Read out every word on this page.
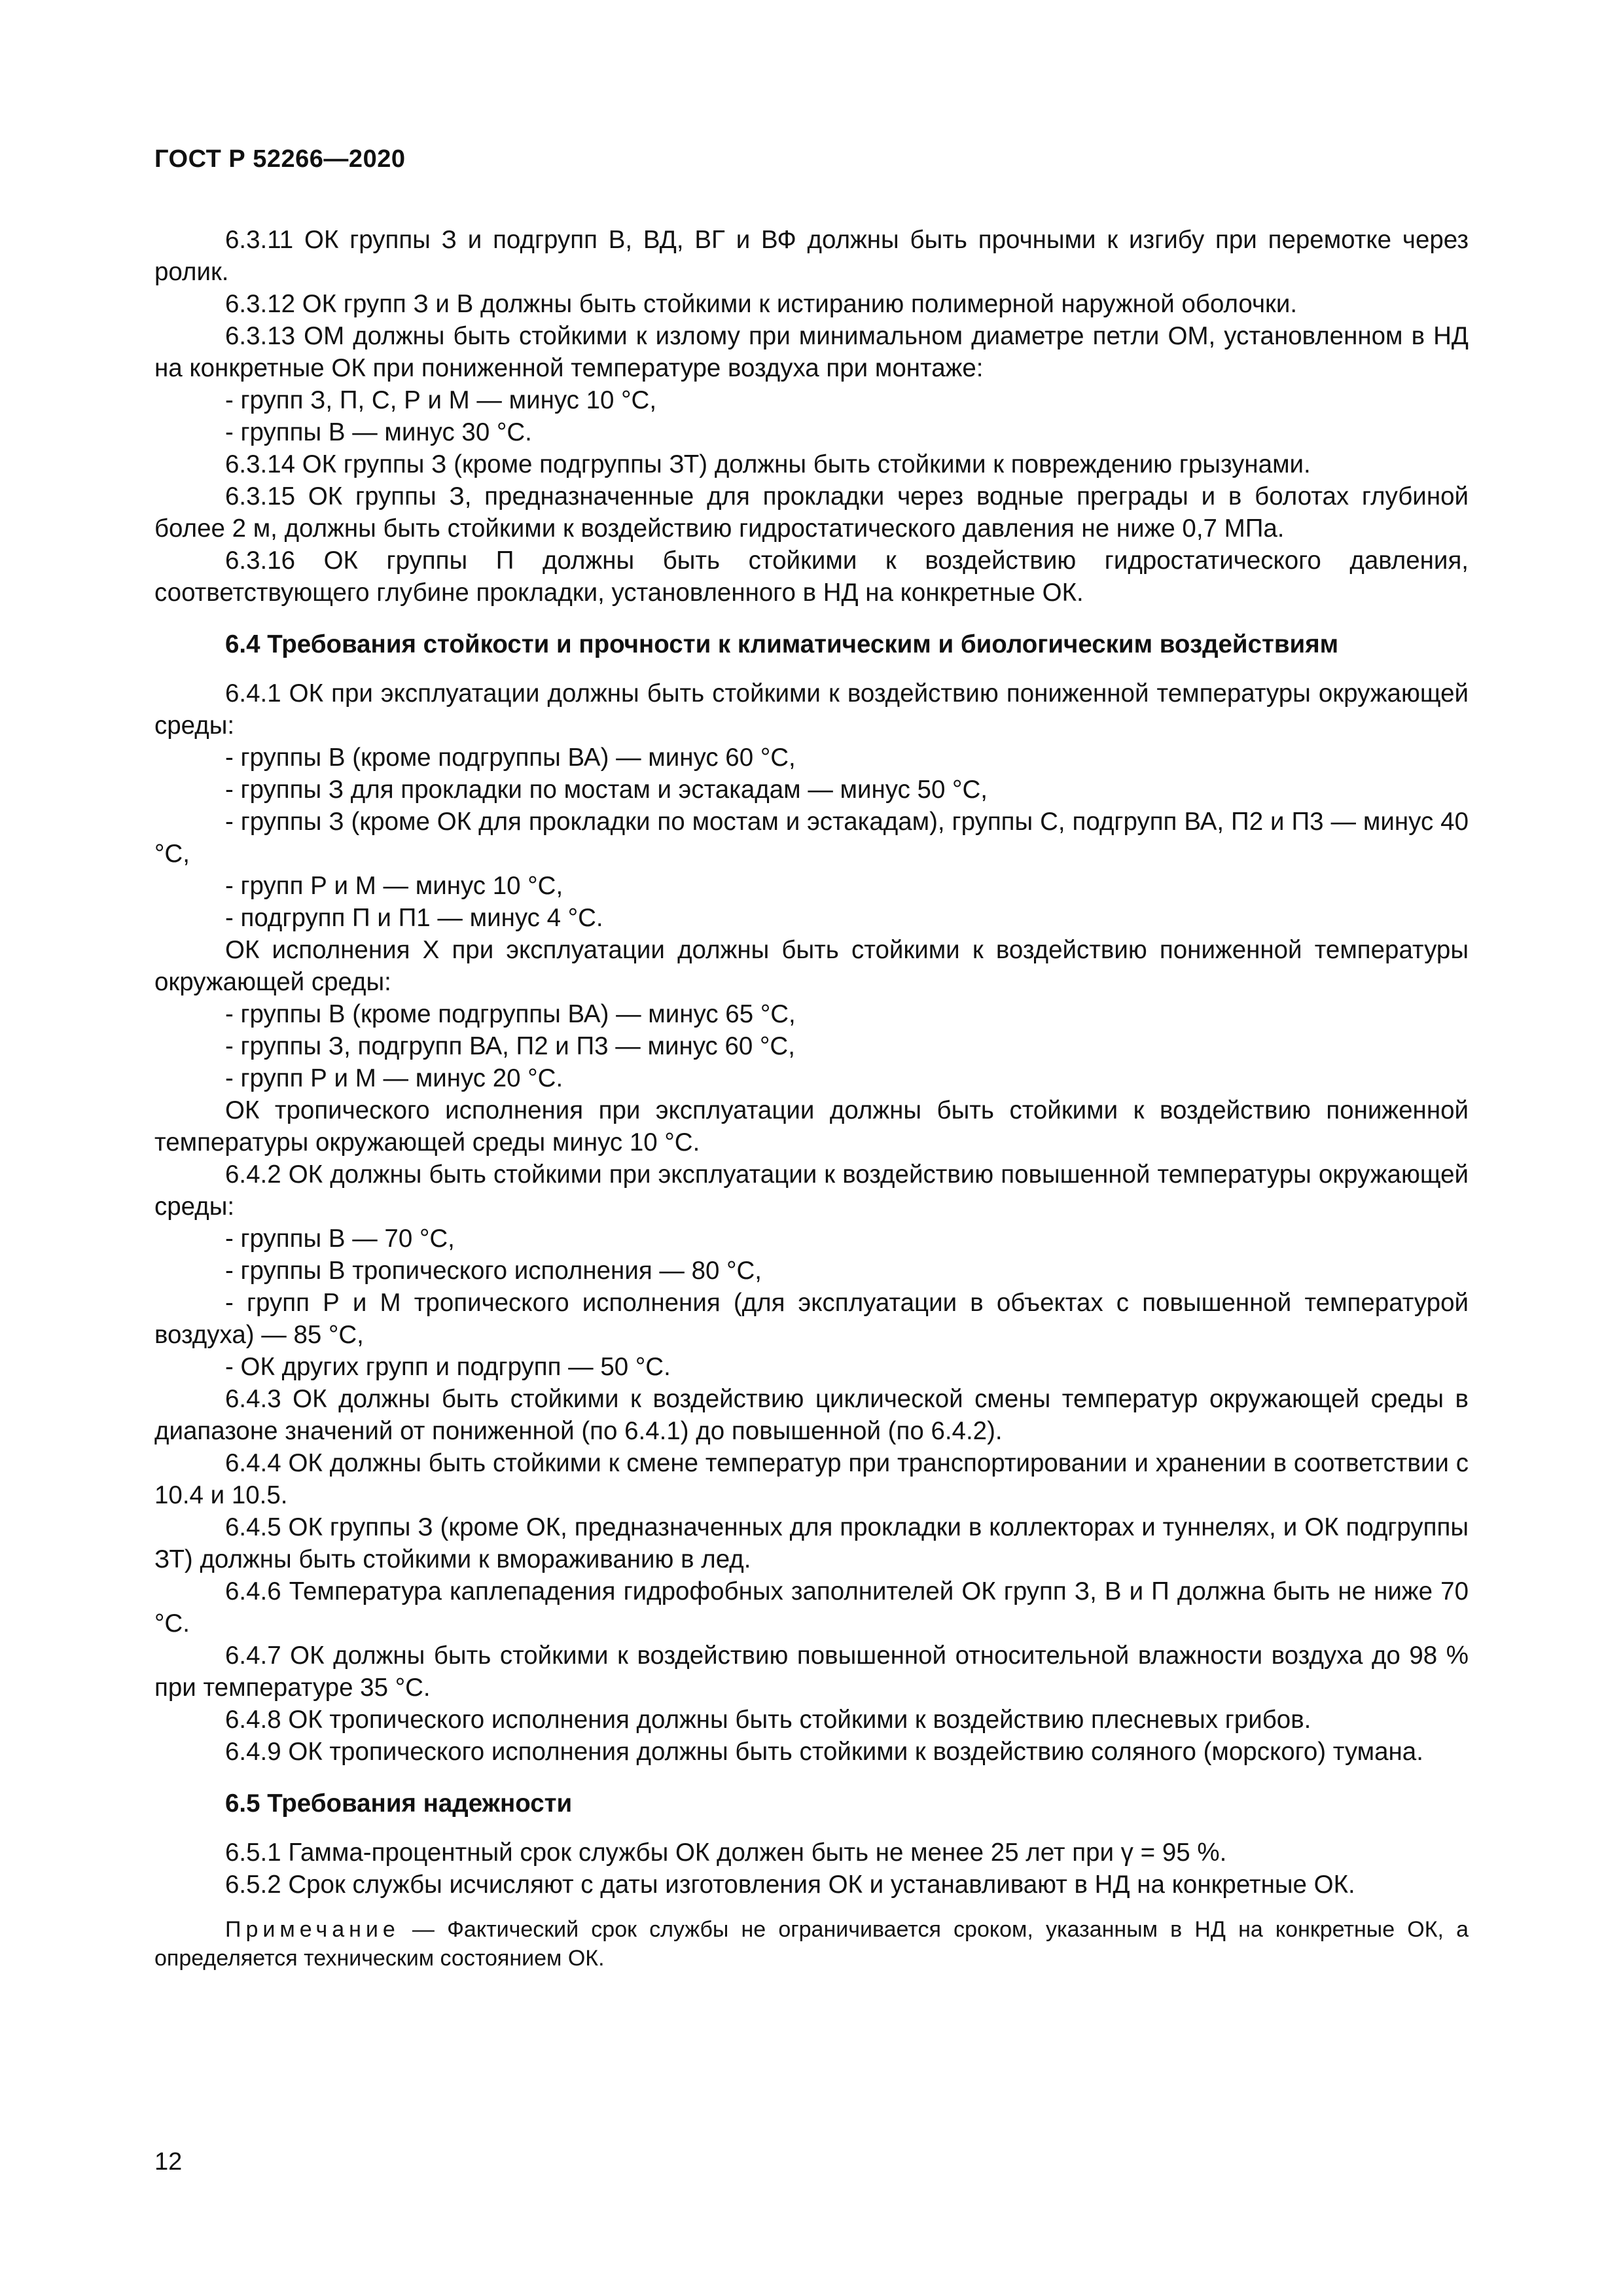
ГОСТ Р 52266—2020

6.3.11 ОК группы З и подгрупп В, ВД, ВГ и ВФ должны быть прочными к изгибу при перемотке через ролик.

6.3.12 ОК групп З и В должны быть стойкими к истиранию полимерной наружной оболочки.

6.3.13 ОМ должны быть стойкими к излому при минимальном диаметре петли ОМ, установленном в НД на конкретные ОК при пониженной температуре воздуха при монтаже:

- групп З, П, С, Р и М — минус 10 °С,

- группы В — минус 30 °С.

6.3.14 ОК группы З (кроме подгруппы ЗТ) должны быть стойкими к повреждению грызунами.

6.3.15 ОК группы З, предназначенные для прокладки через водные преграды и в болотах глубиной более 2 м, должны быть стойкими к воздействию гидростатического давления не ниже 0,7 МПа.

6.3.16 ОК группы П должны быть стойкими к воздействию гидростатического давления, соответствующего глубине прокладки, установленного в НД на конкретные ОК.

6.4 Требования стойкости и прочности к климатическим и биологическим воздействиям

6.4.1 ОК при эксплуатации должны быть стойкими к воздействию пониженной температуры окружающей среды:

- группы В (кроме подгруппы ВА) — минус 60 °С,

- группы З для прокладки по мостам и эстакадам — минус 50 °С,

- группы З (кроме ОК для прокладки по мостам и эстакадам), группы С, подгрупп ВА, П2 и П3 — минус 40 °С,

- групп Р и М — минус 10 °С,

- подгрупп П и П1 — минус 4 °С.

ОК исполнения Х при эксплуатации должны быть стойкими к воздействию пониженной температуры окружающей среды:

- группы В (кроме подгруппы ВА) — минус 65 °С,

- группы З, подгрупп ВА, П2 и П3 — минус 60 °С,

- групп Р и М — минус 20 °С.

ОК тропического исполнения при эксплуатации должны быть стойкими к воздействию пониженной температуры окружающей среды минус 10 °С.

6.4.2 ОК должны быть стойкими при эксплуатации к воздействию повышенной температуры окружающей среды:

- группы В — 70 °С,

- группы В тропического исполнения — 80 °С,

- групп Р и М тропического исполнения (для эксплуатации в объектах с повышенной температурой воздуха) — 85 °С,

- ОК других групп и подгрупп — 50 °С.

6.4.3 ОК должны быть стойкими к воздействию циклической смены температур окружающей среды в диапазоне значений от пониженной (по 6.4.1) до повышенной (по 6.4.2).

6.4.4 ОК должны быть стойкими к смене температур при транспортировании и хранении в соответствии с 10.4 и 10.5.

6.4.5 ОК группы З (кроме ОК, предназначенных для прокладки в коллекторах и туннелях, и ОК подгруппы ЗТ) должны быть стойкими к вмораживанию в лед.

6.4.6 Температура каплепадения гидрофобных заполнителей ОК групп З, В и П должна быть не ниже 70 °С.

6.4.7 ОК должны быть стойкими к воздействию повышенной относительной влажности воздуха до 98 % при температуре 35 °С.

6.4.8 ОК тропического исполнения должны быть стойкими к воздействию плесневых грибов.

6.4.9 ОК тропического исполнения должны быть стойкими к воздействию соляного (морского) тумана.

6.5 Требования надежности

6.5.1 Гамма-процентный срок службы ОК должен быть не менее 25 лет при γ = 95 %.

6.5.2 Срок службы исчисляют с даты изготовления ОК и устанавливают в НД на конкретные ОК.

Примечание — Фактический срок службы не ограничивается сроком, указанным в НД на конкретные ОК, а определяется техническим состоянием ОК.

12
